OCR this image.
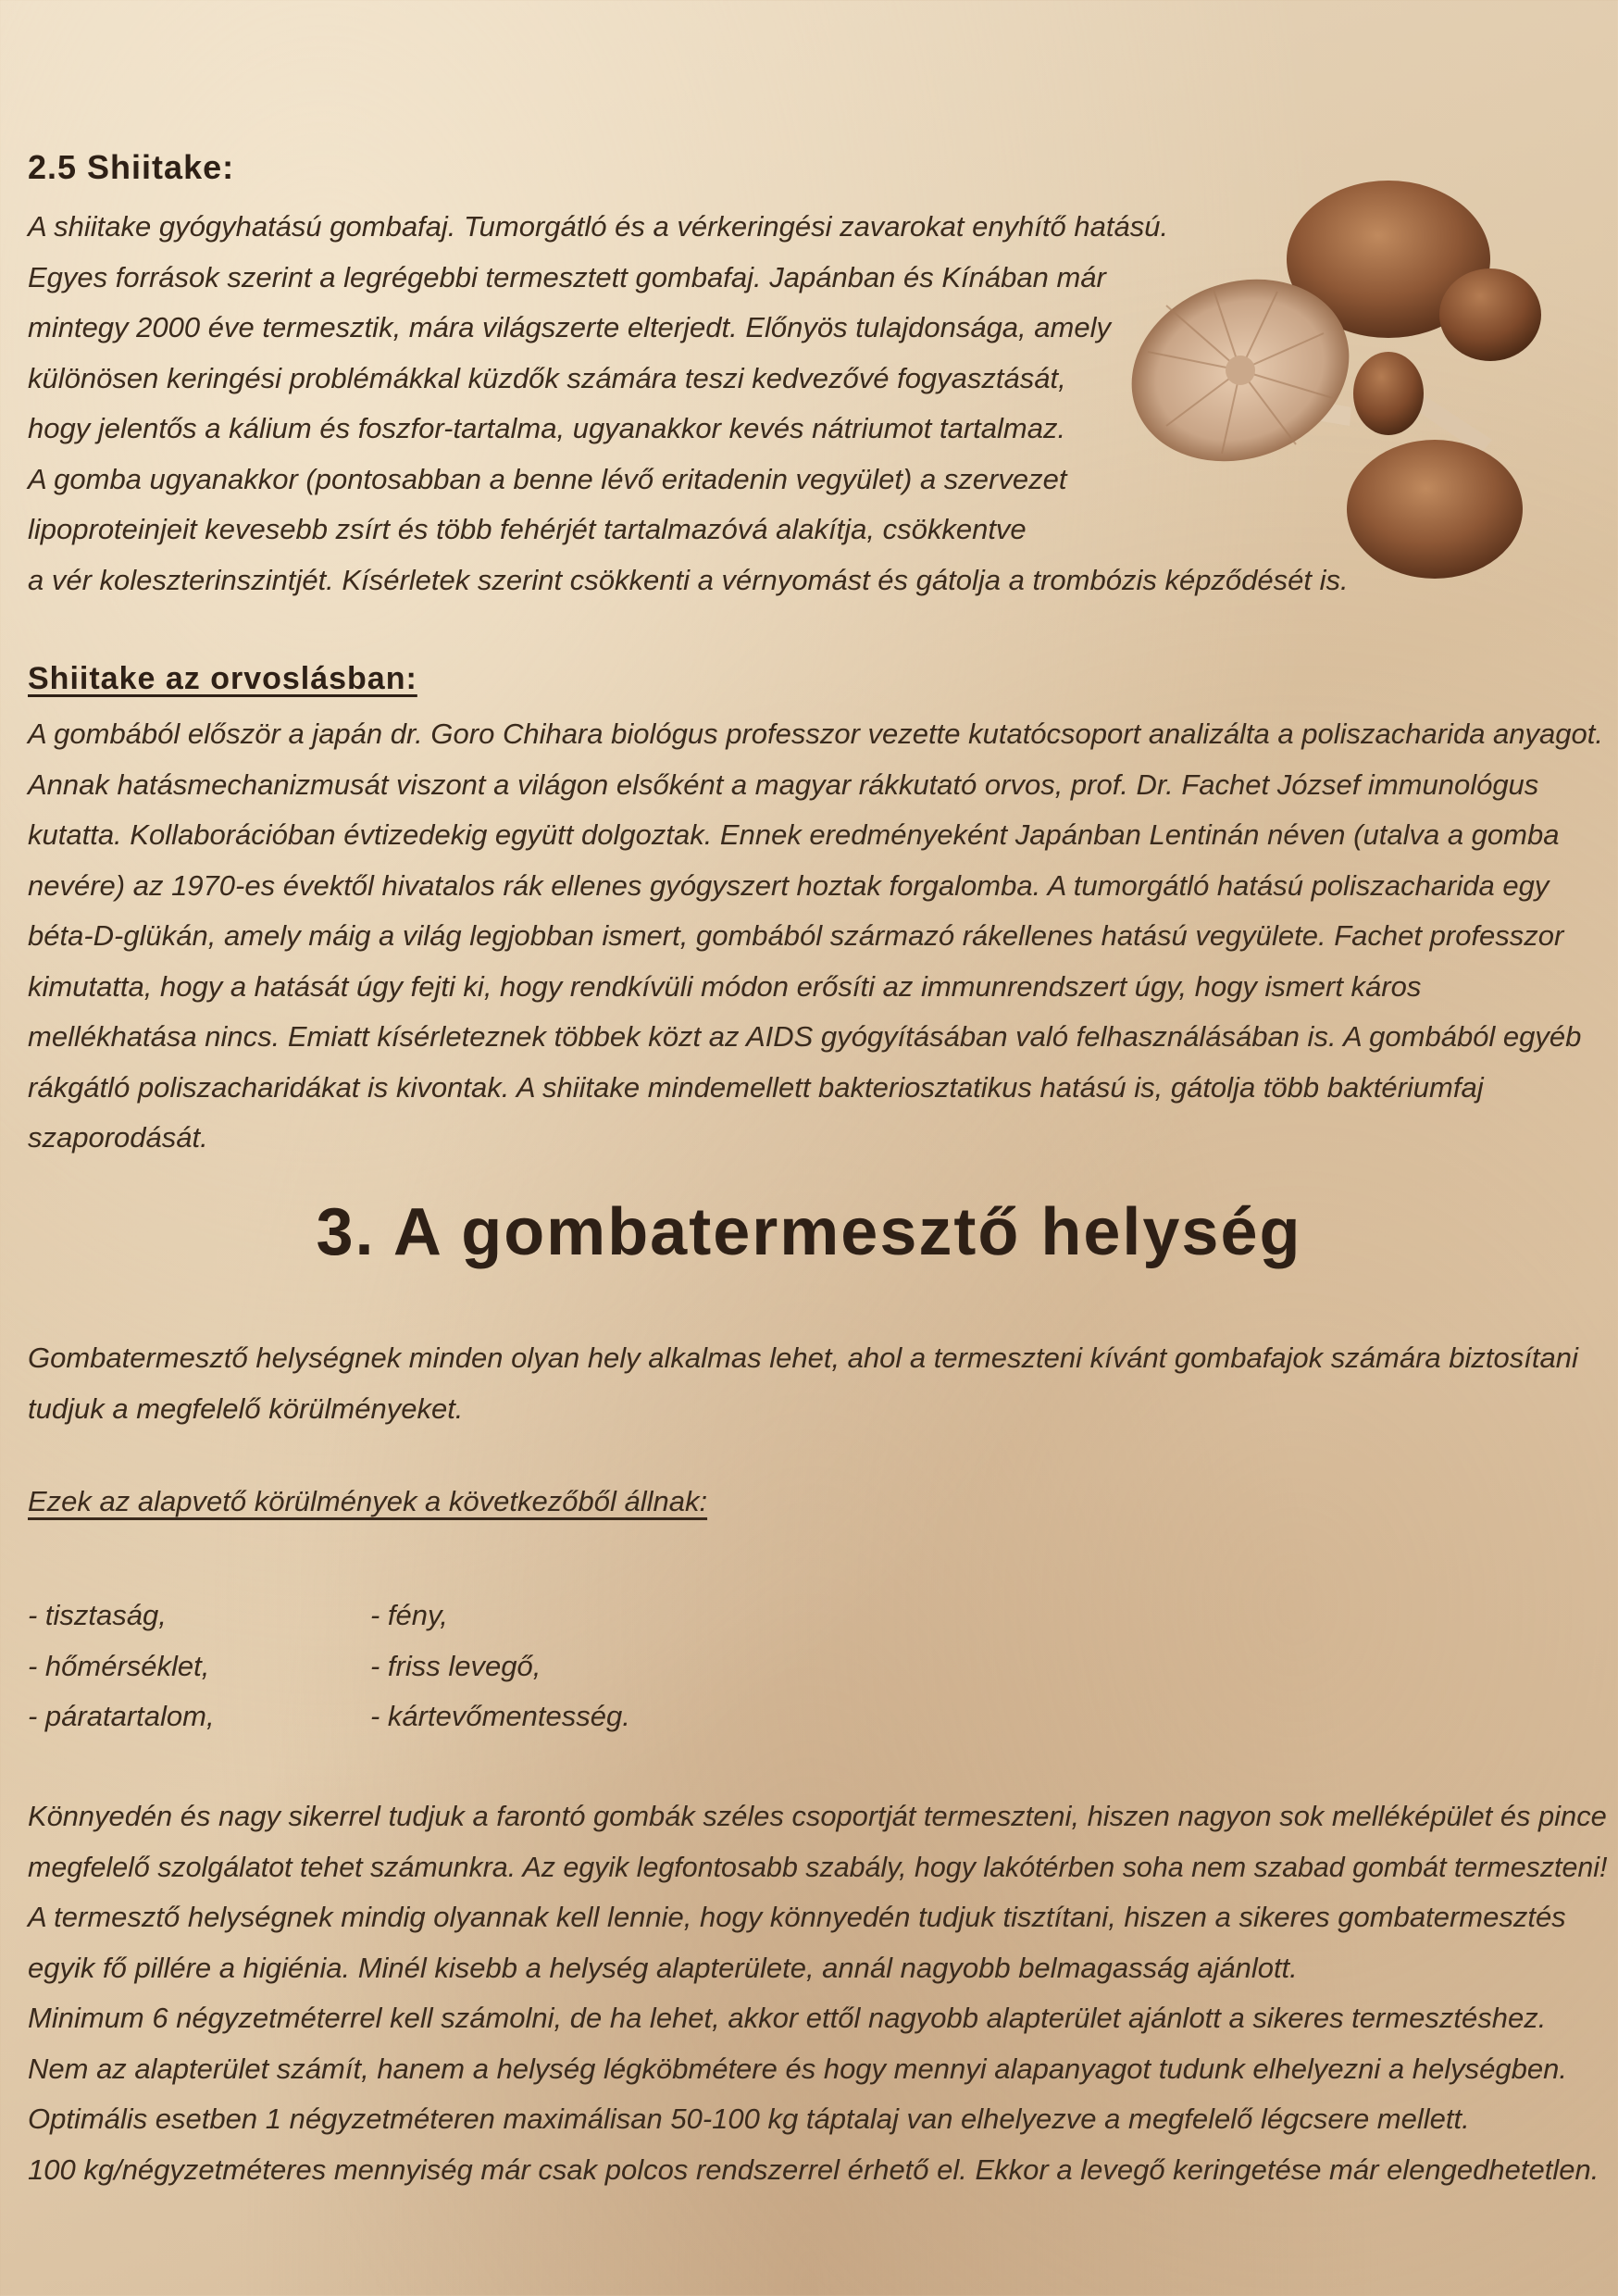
2.5 Shiitake:

A shiitake gyógyhatású gombafaj. Tumorgátló és a vérkeringési zavarokat enyhítő hatású.
Egyes források szerint a legrégebbi termesztett gombafaj. Japánban és Kínában már
mintegy 2000 éve termesztik, mára világszerte elterjedt. Előnyös tulajdonsága, amely
különösen keringési problémákkal küzdők számára teszi kedvezővé fogyasztását,
hogy jelentős a kálium és foszfor-tartalma, ugyanakkor kevés nátriumot tartalmaz.
A gomba ugyanakkor (pontosabban a benne lévő eritadenin vegyület) a szervezet
lipoproteinjeit kevesebb zsírt és több fehérjét tartalmazóvá alakítja, csökkentve
a vér koleszterinszintjét. Kísérletek szerint csökkenti a vérnyomást és gátolja a trombózis képződését is.

Shiitake az orvoslásban:

A gombából először a japán dr. Goro Chihara biológus professzor vezette kutatócsoport analizálta a poliszacharida anyagot.
Annak hatásmechanizmusát viszont a világon elsőként a magyar rákkutató orvos, prof. Dr. Fachet József immunológus
kutatta. Kollaborációban évtizedekig együtt dolgoztak. Ennek eredményeként Japánban Lentinán néven (utalva a gomba
nevére) az 1970-es évektől hivatalos rák ellenes gyógyszert hoztak forgalomba. A tumorgátló hatású poliszacharida egy
béta-D-glükán, amely máig a világ legjobban ismert, gombából származó rákellenes hatású vegyülete. Fachet professzor
kimutatta, hogy a hatását úgy fejti ki, hogy rendkívüli módon erősíti az immunrendszert úgy, hogy ismert káros
mellékhatása nincs. Emiatt kísérleteznek többek közt az AIDS gyógyításában való felhasználásában is. A gombából egyéb
rákgátló poliszacharidákat is kivontak. A shiitake mindemellett bakteriosztatikus hatású is, gátolja több baktériumfaj
szaporodását.

3. A gombatermesztő helység

Gombatermesztő helységnek minden olyan hely alkalmas lehet, ahol a termeszteni kívánt gombafajok számára biztosítani
tudjuk a megfelelő körülményeket.

Ezek az alapvető körülmények a következőből állnak:
- tisztaság,
- hőmérséklet,
- páratartalom,
- fény,
- friss levegő,
- kártevőmentesség.

Könnyedén és nagy sikerrel tudjuk a farontó gombák széles csoportját termeszteni, hiszen nagyon sok melléképület és pince
megfelelő szolgálatot tehet számunkra. Az egyik legfontosabb szabály, hogy lakótérben soha nem szabad gombát termeszteni!
A termesztő helységnek mindig olyannak kell lennie, hogy könnyedén tudjuk tisztítani, hiszen a sikeres gombatermesztés
egyik fő pillére a higiénia. Minél kisebb a helység alapterülete, annál nagyobb belmagasság ajánlott.
Minimum 6 négyzetméterrel kell számolni, de ha lehet, akkor ettől nagyobb alapterület ajánlott a sikeres termesztéshez.
Nem az alapterület számít, hanem a helység légköbmétere és hogy mennyi alapanyagot tudunk elhelyezni a helységben.
Optimális esetben 1 négyzetméteren maximálisan 50-100 kg táptalaj van elhelyezve a megfelelő légcsere mellett.
100 kg/négyzetméteres mennyiség már csak polcos rendszerrel érhető el. Ekkor a levegő keringetése már elengedhetetlen.
